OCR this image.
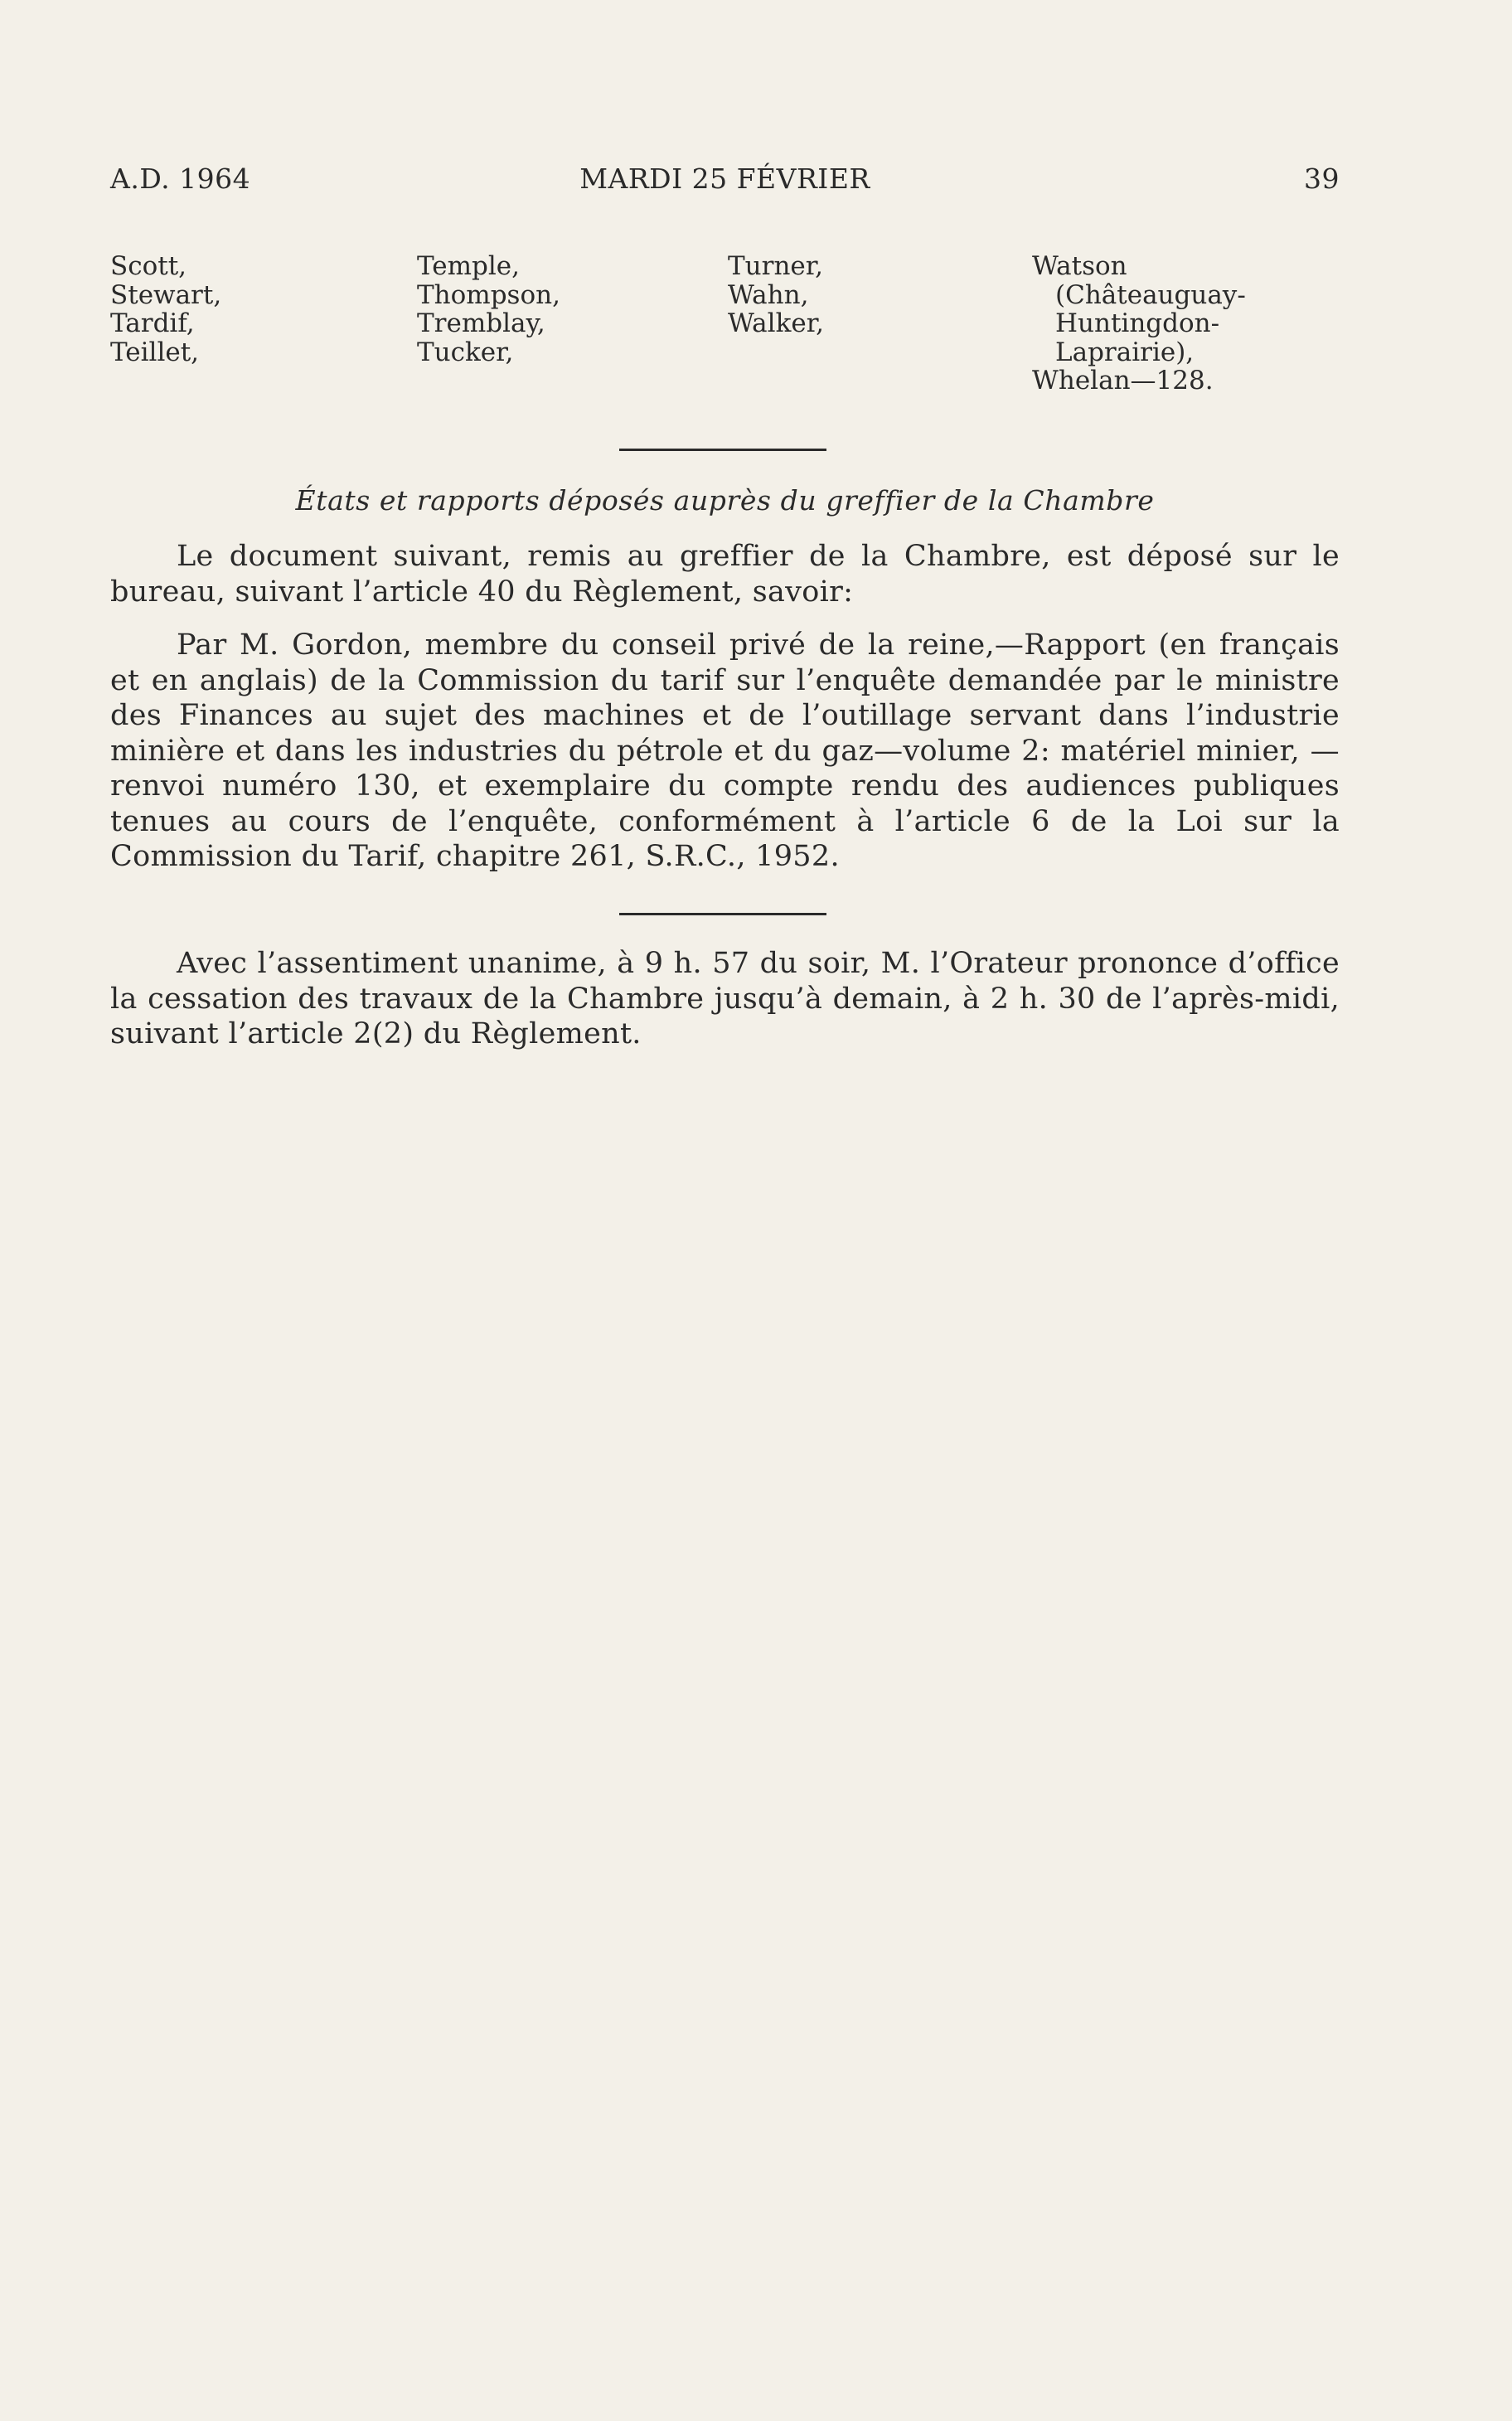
A.D. 1964	MARDI 25 FÉVRIER	39
Scott,
Stewart,
Tardif,
Teillet,
Temple,
Thompson,
Tremblay,
Tucker,
Turner,
Wahn,
Walker,
Watson
(Châteauguay-
Huntingdon-
Laprairie),
Whelan—128.
États et rapports déposés auprès du greffier de la Chambre

Le document suivant, remis au greffier de la Chambre, est déposé sur le bureau, suivant l’article 40 du Règlement, savoir:

Par M. Gordon, membre du conseil privé de la reine,—Rapport (en français et en anglais) de la Commission du tarif sur l’enquête demandée par le ministre des Finances au sujet des machines et de l’outillage servant dans l’industrie minière et dans les industries du pétrole et du gaz—volume 2: matériel minier, —renvoi numéro 130, et exemplaire du compte rendu des audiences publiques tenues au cours de l’enquête, conformément à l’article 6 de la Loi sur la Commission du Tarif, chapitre 261, S.R.C., 1952.

Avec l’assentiment unanime, à 9 h. 57 du soir, M. l’Orateur prononce d’office la cessation des travaux de la Chambre jusqu’à demain, à 2 h. 30 de l’après-midi, suivant l’article 2(2) du Règlement.
